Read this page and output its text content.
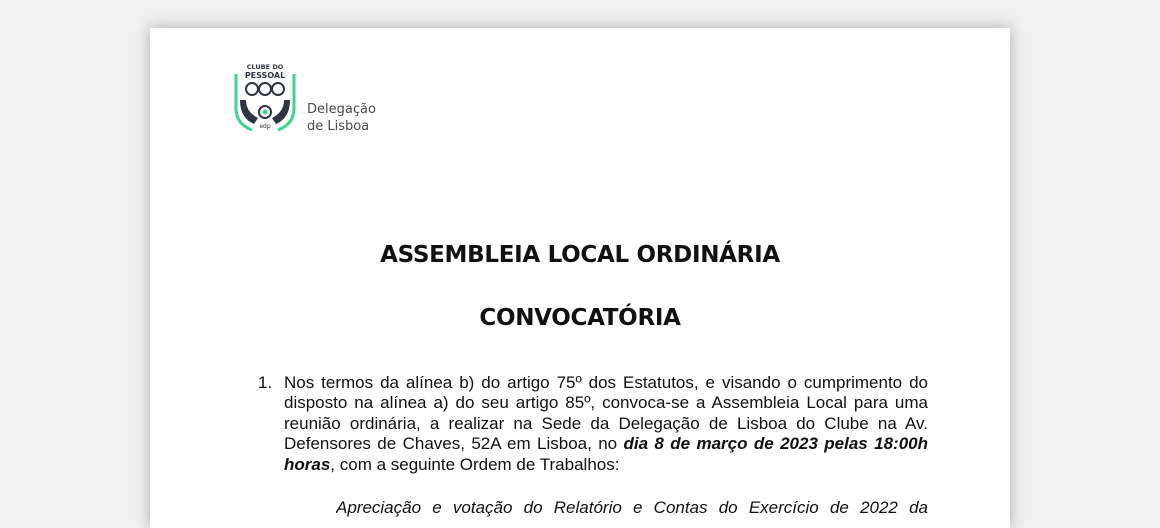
CLUBE DO
PESSOAL
edp
Delegação
de Lisboa
ASSEMBLEIA LOCAL ORDINÁRIA
CONVOCATÓRIA
1. Nos termos da alínea b) do artigo 75º dos Estatutos, e visando o cumprimento do
disposto na alínea a) do seu artigo 85º, convoca-se a Assembleia Local para uma
reunião ordinária, a realizar na Sede da Delegação de Lisboa do Clube na Av.
Defensores de Chaves, 52A em Lisboa, no dia 8 de março de 2023 pelas 18:00h
horas, com a seguinte Ordem de Trabalhos:
Apreciação e votação do Relatório e Contas do Exercício de 2022 da
